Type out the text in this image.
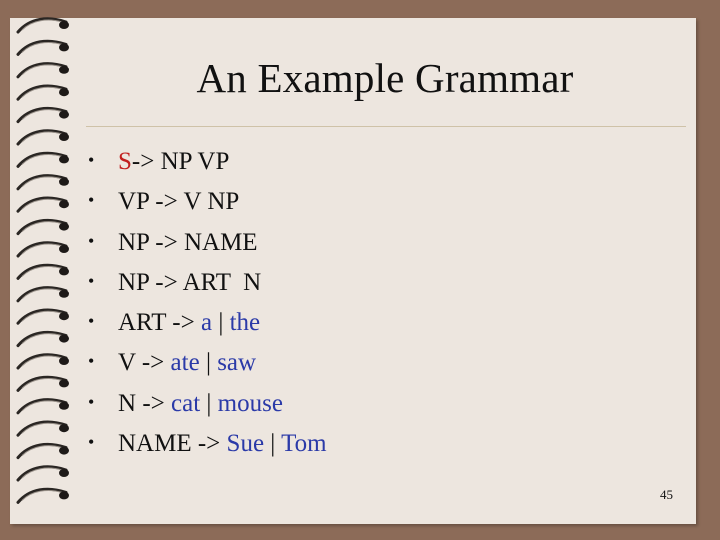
An Example Grammar
• S-> NP VP
• VP -> V NP
• NP -> NAME
• NP -> ART  N
• ART -> a | the
• V -> ate | saw
• N -> cat | mouse
• NAME -> Sue | Tom
45
